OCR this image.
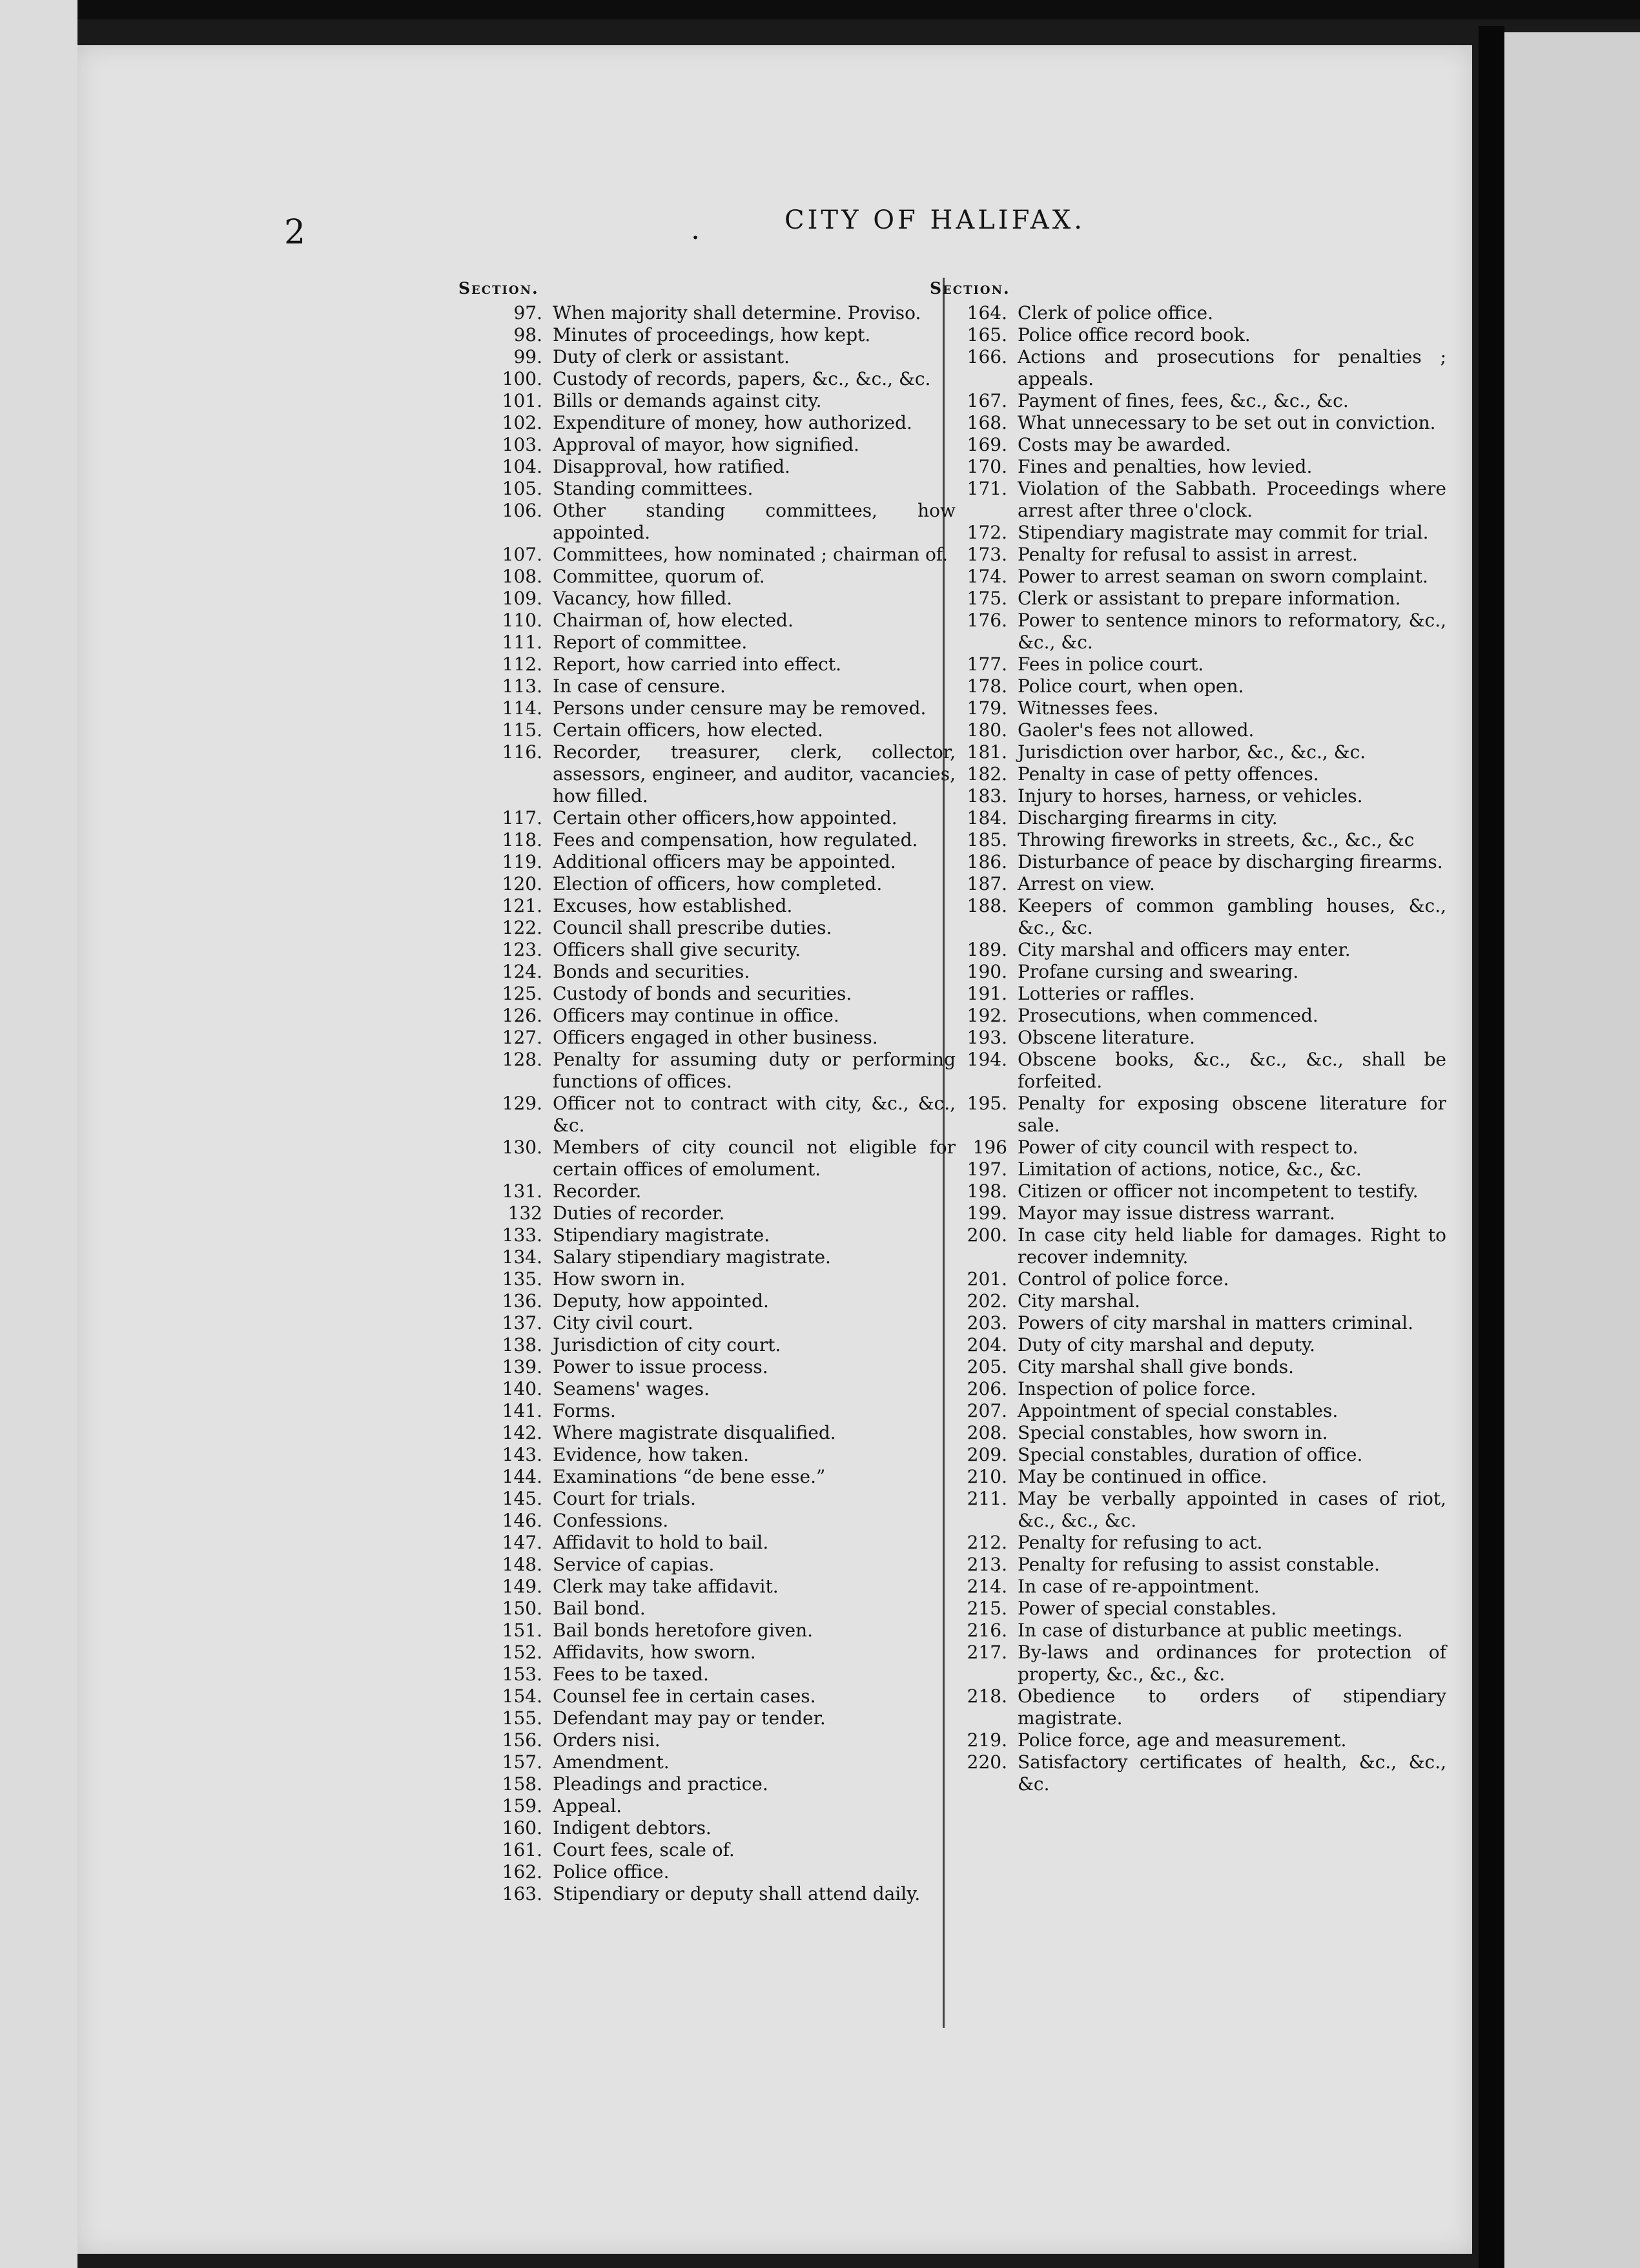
2	.	CITY OF HALIFAX.
Section.
97. When majority shall determine. Proviso.
98. Minutes of proceedings, how kept.
99. Duty of clerk or assistant.
100. Custody of records, papers, &c., &c., &c.
101. Bills or demands against city.
102. Expenditure of money, how authorized.
103. Approval of mayor, how signified.
104. Disapproval, how ratified.
105. Standing committees.
106. Other standing committees, how appointed.
107. Committees, how nominated ; chairman of.
108. Committee, quorum of.
109. Vacancy, how filled.
110. Chairman of, how elected.
111. Report of committee.
112. Report, how carried into effect.
113. In case of censure.
114. Persons under censure may be removed.
115. Certain officers, how elected.
116. Recorder, treasurer, clerk, collector, assessors, engineer, and auditor, vacancies, how filled.
117. Certain other officers,how appointed.
118. Fees and compensation, how regulated.
119. Additional officers may be appointed.
120. Election of officers, how completed.
121. Excuses, how established.
122. Council shall prescribe duties.
123. Officers shall give security.
124. Bonds and securities.
125. Custody of bonds and securities.
126. Officers may continue in office.
127. Officers engaged in other business.
128. Penalty for assuming duty or performing functions of offices.
129. Officer not to contract with city, &c., &c., &c.
130. Members of city council not eligible for certain offices of emolument.
131. Recorder.
132 Duties of recorder.
133. Stipendiary magistrate.
134. Salary stipendiary magistrate.
135. How sworn in.
136. Deputy, how appointed.
137. City civil court.
138. Jurisdiction of city court.
139. Power to issue process.
140. Seamens' wages.
141. Forms.
142. Where magistrate disqualified.
143. Evidence, how taken.
144. Examinations “de bene esse.”
145. Court for trials.
146. Confessions.
147. Affidavit to hold to bail.
148. Service of capias.
149. Clerk may take affidavit.
150. Bail bond.
151. Bail bonds heretofore given.
152. Affidavits, how sworn.
153. Fees to be taxed.
154. Counsel fee in certain cases.
155. Defendant may pay or tender.
156. Orders nisi.
157. Amendment.
158. Pleadings and practice.
159. Appeal.
160. Indigent debtors.
161. Court fees, scale of.
162. Police office.
163. Stipendiary or deputy shall attend daily.
Section.
164. Clerk of police office.
165. Police office record book.
166. Actions and prosecutions for penalties ; appeals.
167. Payment of fines, fees, &c., &c., &c.
168. What unnecessary to be set out in conviction.
169. Costs may be awarded.
170. Fines and penalties, how levied.
171. Violation of the Sabbath. Proceedings where arrest after three o'clock.
172. Stipendiary magistrate may commit for trial.
173. Penalty for refusal to assist in arrest.
174. Power to arrest seaman on sworn complaint.
175. Clerk or assistant to prepare information.
176. Power to sentence minors to reformatory, &c., &c., &c.
177. Fees in police court.
178. Police court, when open.
179. Witnesses fees.
180. Gaoler's fees not allowed.
181. Jurisdiction over harbor, &c., &c., &c.
182. Penalty in case of petty offences.
183. Injury to horses, harness, or vehicles.
184. Discharging firearms in city.
185. Throwing fireworks in streets, &c., &c., &c
186. Disturbance of peace by discharging firearms.
187. Arrest on view.
188. Keepers of common gambling houses, &c., &c., &c.
189. City marshal and officers may enter.
190. Profane cursing and swearing.
191. Lotteries or raffles.
192. Prosecutions, when commenced.
193. Obscene literature.
194. Obscene books, &c., &c., &c., shall be forfeited.
195. Penalty for exposing obscene literature for sale.
196 Power of city council with respect to.
197. Limitation of actions, notice, &c., &c.
198. Citizen or officer not incompetent to testify.
199. Mayor may issue distress warrant.
200. In case city held liable for damages. Right to recover indemnity.
201. Control of police force.
202. City marshal.
203. Powers of city marshal in matters criminal.
204. Duty of city marshal and deputy.
205. City marshal shall give bonds.
206. Inspection of police force.
207. Appointment of special constables.
208. Special constables, how sworn in.
209. Special constables, duration of office.
210. May be continued in office.
211. May be verbally appointed in cases of riot, &c., &c., &c.
212. Penalty for refusing to act.
213. Penalty for refusing to assist constable.
214. In case of re-appointment.
215. Power of special constables.
216. In case of disturbance at public meetings.
217. By-laws and ordinances for protection of property, &c., &c., &c.
218. Obedience to orders of stipendiary magistrate.
219. Police force, age and measurement.
220. Satisfactory certificates of health, &c., &c., &c.
